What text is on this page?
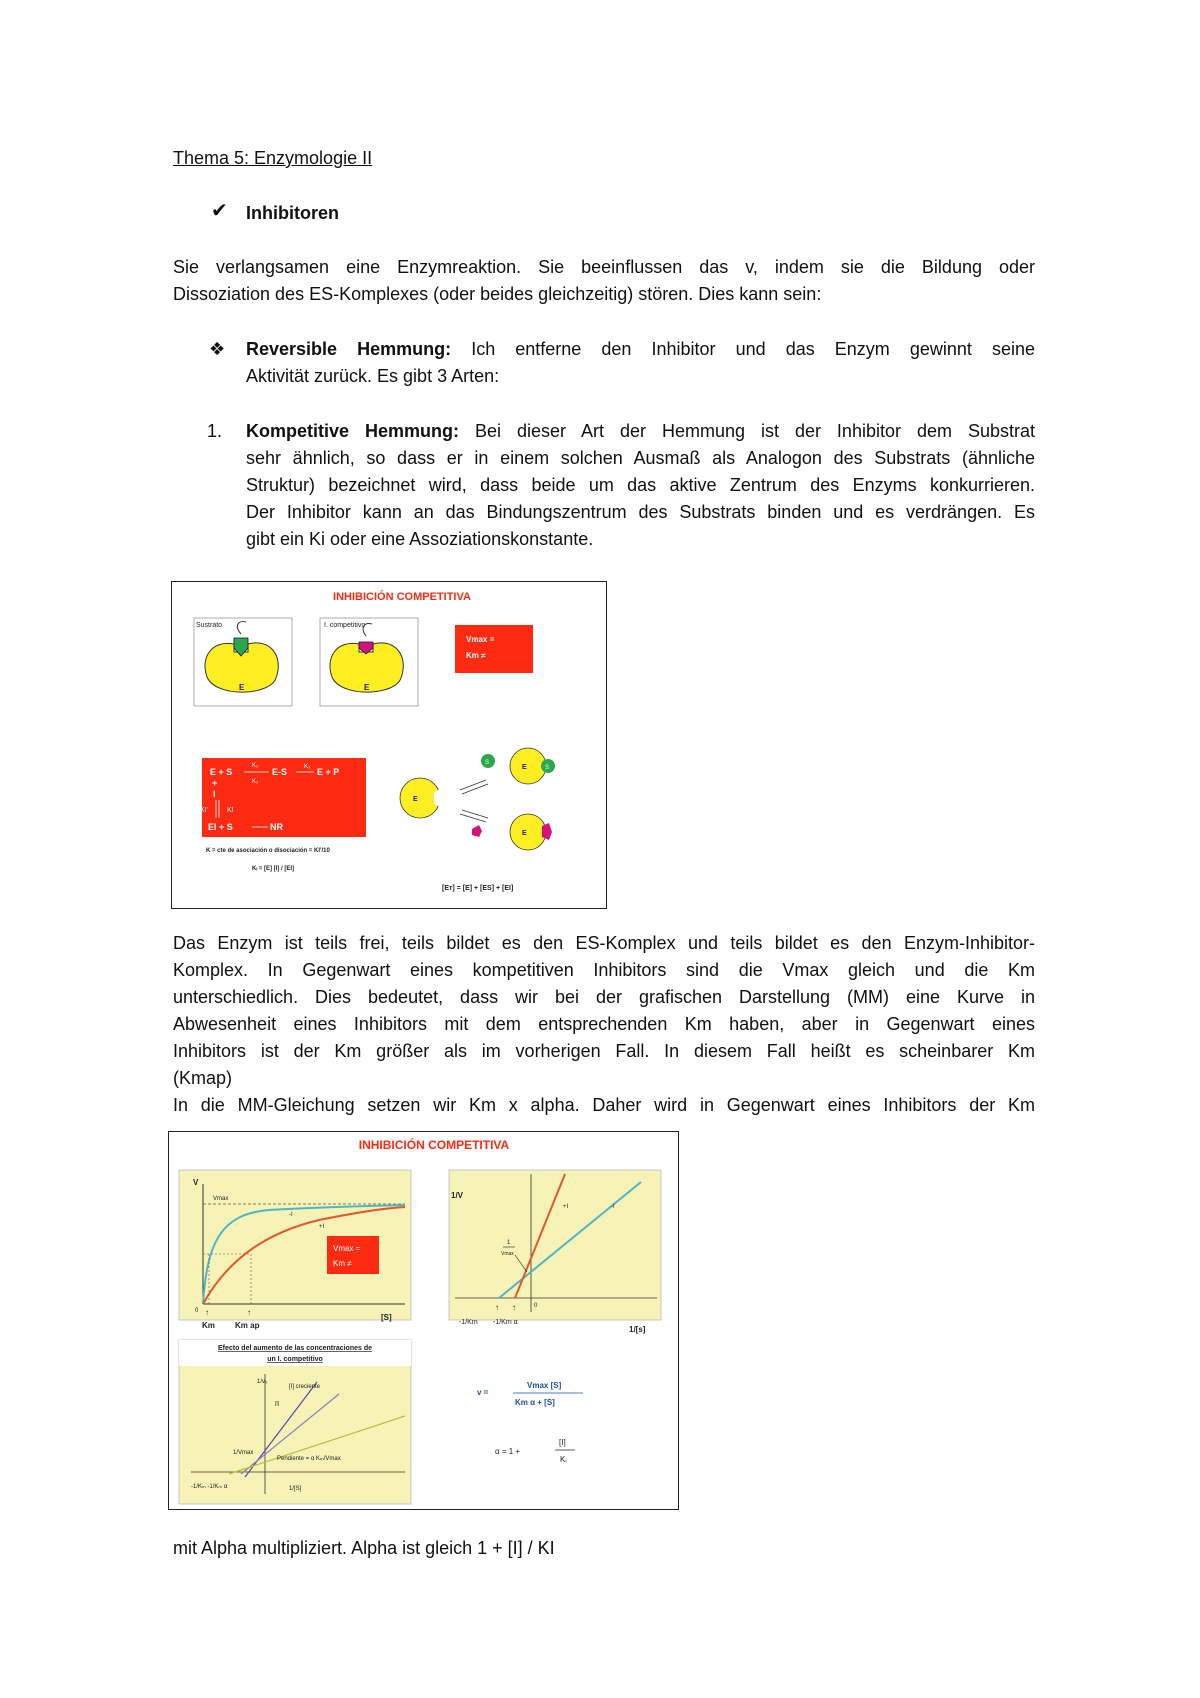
Thema 5: Enzymologie II
✔ Inhibitoren
Sie verlangsamen eine Enzymreaktion. Sie beeinflussen das v, indem sie die Bildung oder
Dissoziation des ES-Komplexes (oder beides gleichzeitig) stören. Dies kann sein:
❖ Reversible Hemmung: Ich entferne den Inhibitor und das Enzym gewinnt seine
Aktivität zurück. Es gibt 3 Arten:
1. Kompetitive Hemmung: Bei dieser Art der Hemmung ist der Inhibitor dem Substrat
sehr ähnlich, so dass er in einem solchen Ausmaß als Analogon des Substrats (ähnliche
Struktur) bezeichnet wird, dass beide um das aktive Zentrum des Enzyms konkurrieren.
Der Inhibitor kann an das Bindungszentrum des Substrats binden und es verdrängen. Es
gibt ein Ki oder eine Assoziationskonstante.
INHIBICIÓN COMPETITIVA
Sustrato
E
I. competitivo
E
Vmax =
Km ≠
E + S
K₁
K₂
E-S	K₃ E + P
+
I
KI'	KI
EI + S	NR
K = cte de asociación o disociación = KI'/10
Kᵢ = [E] [I] / [EI]
E
S
E	S
E
[Eᴛ] = [E] + [ES] + [EI]
Das Enzym ist teils frei, teils bildet es den ES-Komplex und teils bildet es den Enzym-Inhibitor-
Komplex. In Gegenwart eines kompetitiven Inhibitors sind die Vmax gleich und die Km
unterschiedlich. Dies bedeutet, dass wir bei der grafischen Darstellung (MM) eine Kurve in
Abwesenheit eines Inhibitors mit dem entsprechenden Km haben, aber in Gegenwart eines
Inhibitors ist der Km größer als im vorherigen Fall. In diesem Fall heißt es scheinbarer Km
(Kmap)
In die MM-Gleichung setzen wir Km x alpha. Daher wird in Gegenwart eines Inhibitors der Km
INHIBICIÓN COMPETITIVA
V
Vmax
-I
+I
Vmax =
Km ≠
0 ↑	↑
Km	Km ap
[S]
1/V
+I	-I
1
Vmax
0
↑ ↑
-1/Km -1/Km α
1/[s]
Efecto del aumento de las concentraciones de
un I. competitivo
1/v₀
[I] creciente
[I]
1/Vmax
Pendiente = α Kₘ/Vmax
-1/Kₘ -1/Kₘ α	1/[S]
v =
Vmax [S]
Km α + [S]
α = 1 +
[I]
Kᵢ
mit Alpha multipliziert. Alpha ist gleich 1 + [I] / KI
